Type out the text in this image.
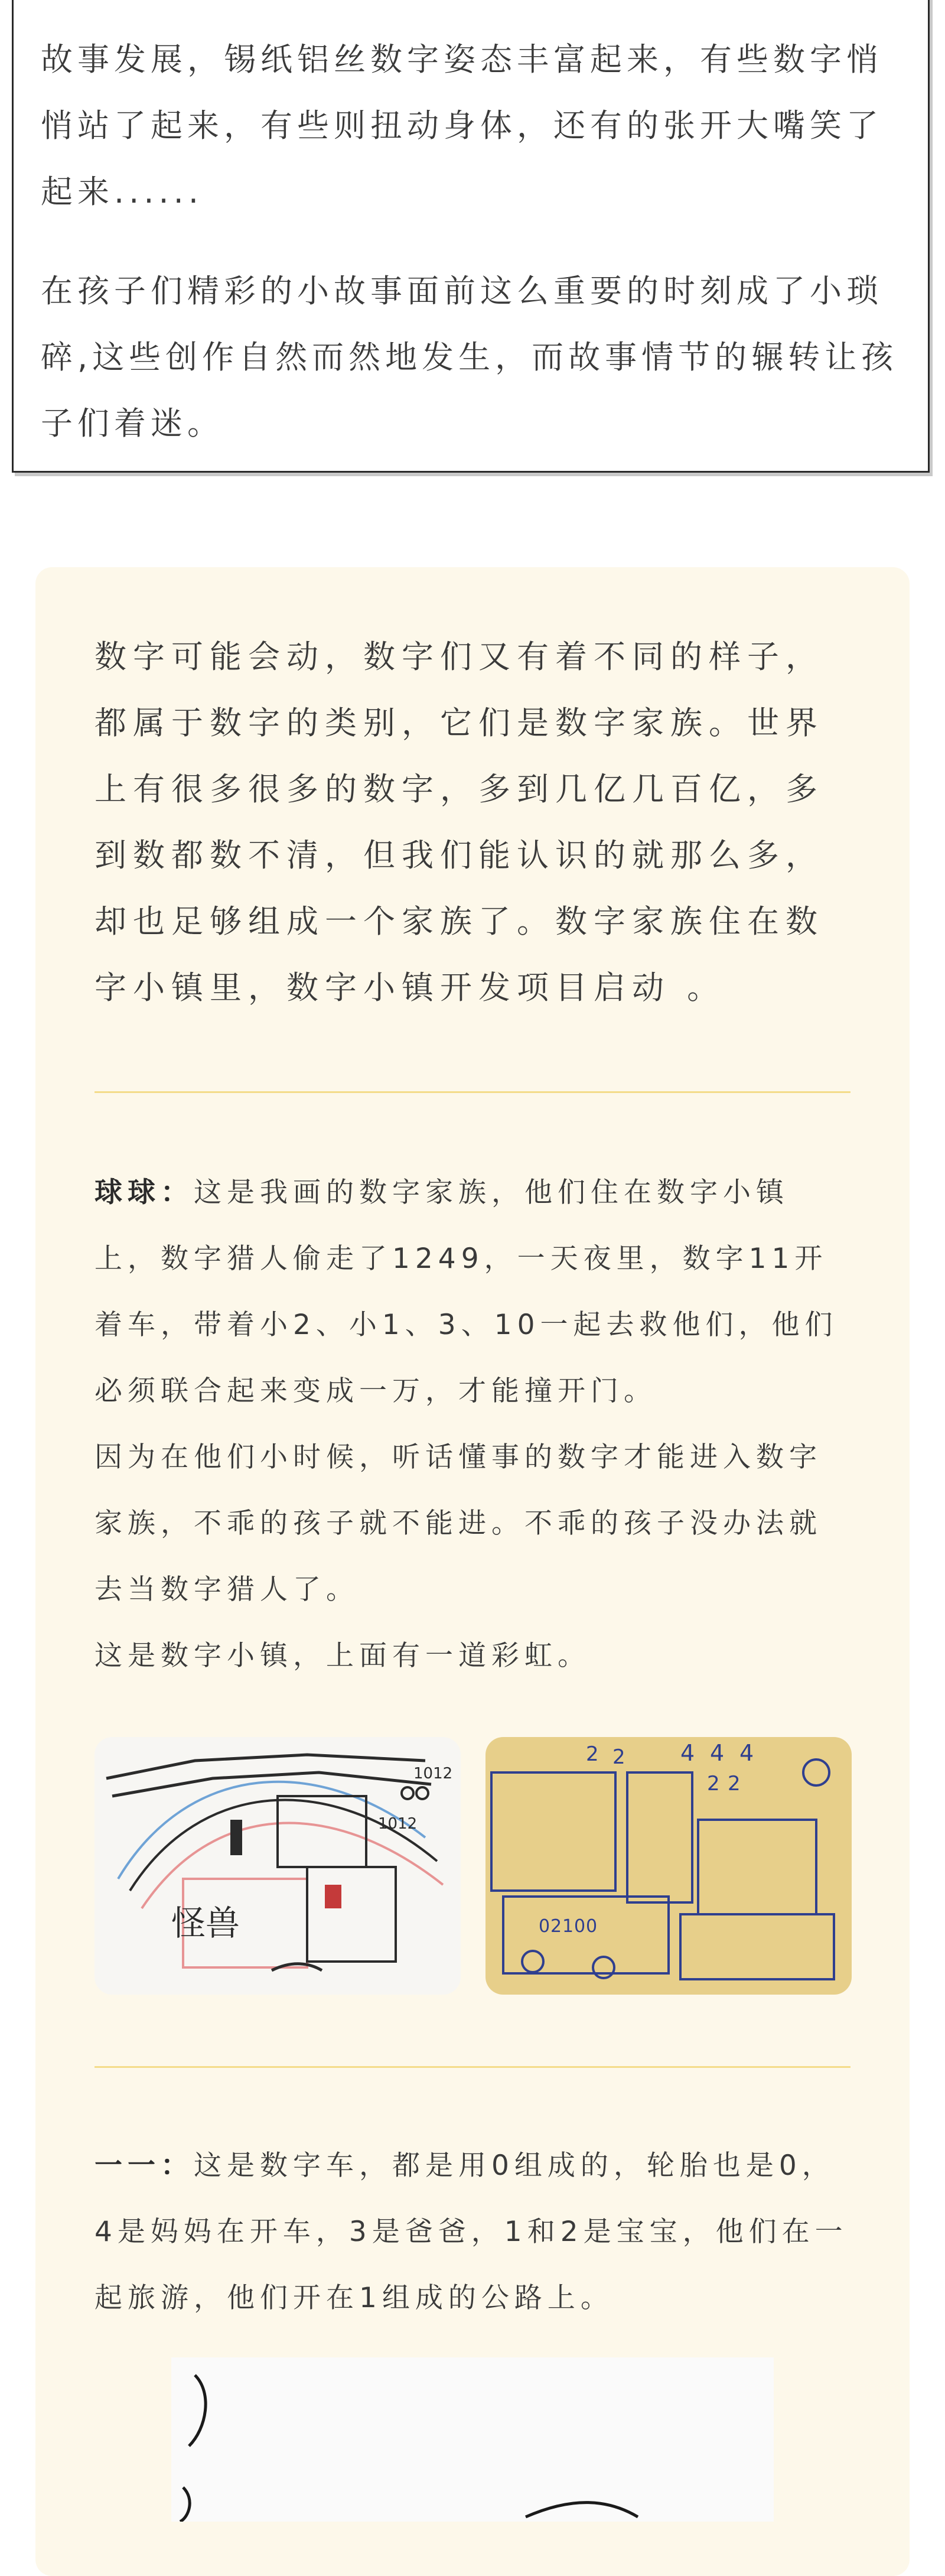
故事发展，锡纸铝丝数字姿态丰富起来，有些数字悄悄站了起来，有些则扭动身体，还有的张开大嘴笑了起来......

在孩子们精彩的小故事面前这么重要的时刻成了小琐碎,这些创作自然而然地发生，而故事情节的辗转让孩子们着迷。

数字可能会动，数字们又有着不同的样子，都属于数字的类别，它们是数字家族。世界上有很多很多的数字，多到几亿几百亿，多到数都数不清，但我们能认识的就那么多，却也足够组成一个家族了。数字家族住在数字小镇里，数字小镇开发项目启动 。

球球：这是我画的数字家族，他们住在数字小镇上，数字猎人偷走了1249，一天夜里，数字11开着车，带着小2、小1、3、10一起去救他们，他们必须联合起来变成一万，才能撞开门。

因为在他们小时候，听话懂事的数字才能进入数字家族，不乖的孩子就不能进。不乖的孩子没办法就去当数字猎人了。

这是数字小镇，上面有一道彩虹。

1012
1012
怪兽
2 2 4 4 4
2 2
0 2 1 0 0

一一：这是数字车，都是用0组成的，轮胎也是0，4是妈妈在开车，3是爸爸，1和2是宝宝，他们在一起旅游，他们开在1组成的公路上。
